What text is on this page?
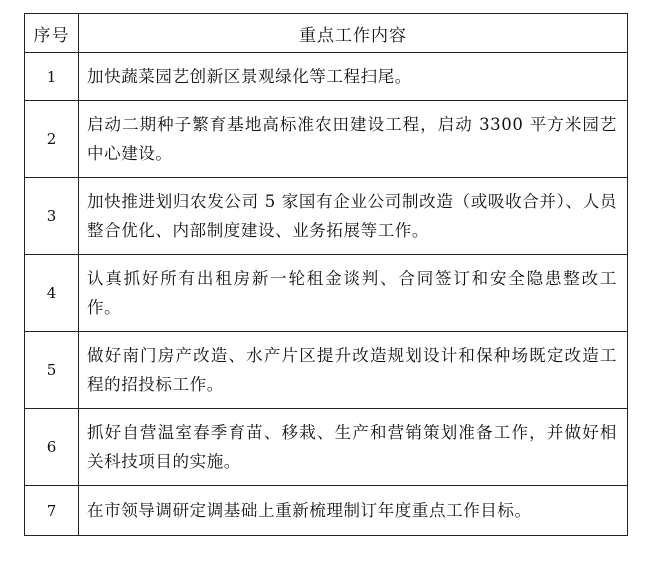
序号	重点工作内容
1	加快蔬菜园艺创新区景观绿化等工程扫尾。
2	启动二期种子繁育基地高标准农田建设工程，启动 3300 平方米园艺中心建设。
3	加快推进划归农发公司 5 家国有企业公司制改造（或吸收合并）、人员整合优化、内部制度建设、业务拓展等工作。
4	认真抓好所有出租房新一轮租金谈判、合同签订和安全隐患整改工作。
5	做好南门房产改造、水产片区提升改造规划设计和保种场既定改造工程的招投标工作。
6	抓好自营温室春季育苗、移栽、生产和营销策划准备工作，并做好相关科技项目的实施。
7	在市领导调研定调基础上重新梳理制订年度重点工作目标。
